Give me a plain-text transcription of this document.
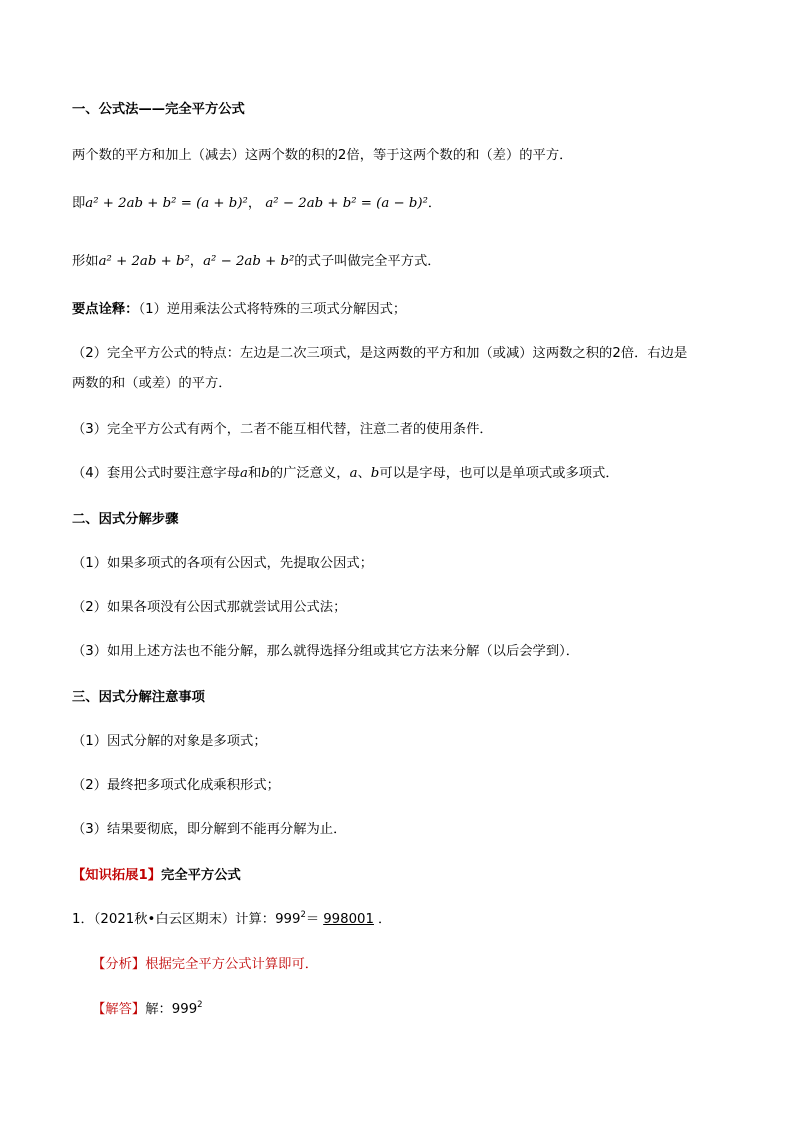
一、公式法——完全平方公式
两个数的平方和加上（减去）这两个数的积的2倍，等于这两个数的和（差）的平方．
即a² + 2ab + b² = (a + b)²， a² − 2ab + b² = (a − b)²．
形如a² + 2ab + b²，a² − 2ab + b²的式子叫做完全平方式．
要点诠释：（1）逆用乘法公式将特殊的三项式分解因式；
（2）完全平方公式的特点：左边是二次三项式，是这两数的平方和加（或减）这两数之积的2倍．右边是
两数的和（或差）的平方．
（3）完全平方公式有两个，二者不能互相代替，注意二者的使用条件．
（4）套用公式时要注意字母a和b的广泛意义，a、b可以是字母，也可以是单项式或多项式．
二、因式分解步骤
（1）如果多项式的各项有公因式，先提取公因式；
（2）如果各项没有公因式那就尝试用公式法；
（3）如用上述方法也不能分解，那么就得选择分组或其它方法来分解（以后会学到）．
三、因式分解注意事项
（1）因式分解的对象是多项式；
（2）最终把多项式化成乘积形式；
（3）结果要彻底，即分解到不能再分解为止．
【知识拓展1】完全平方公式
1．（2021秋•白云区期末）计算：$999^2= 998001$ ．
【分析】根据完全平方公式计算即可．
【解答】解：$999^2$
